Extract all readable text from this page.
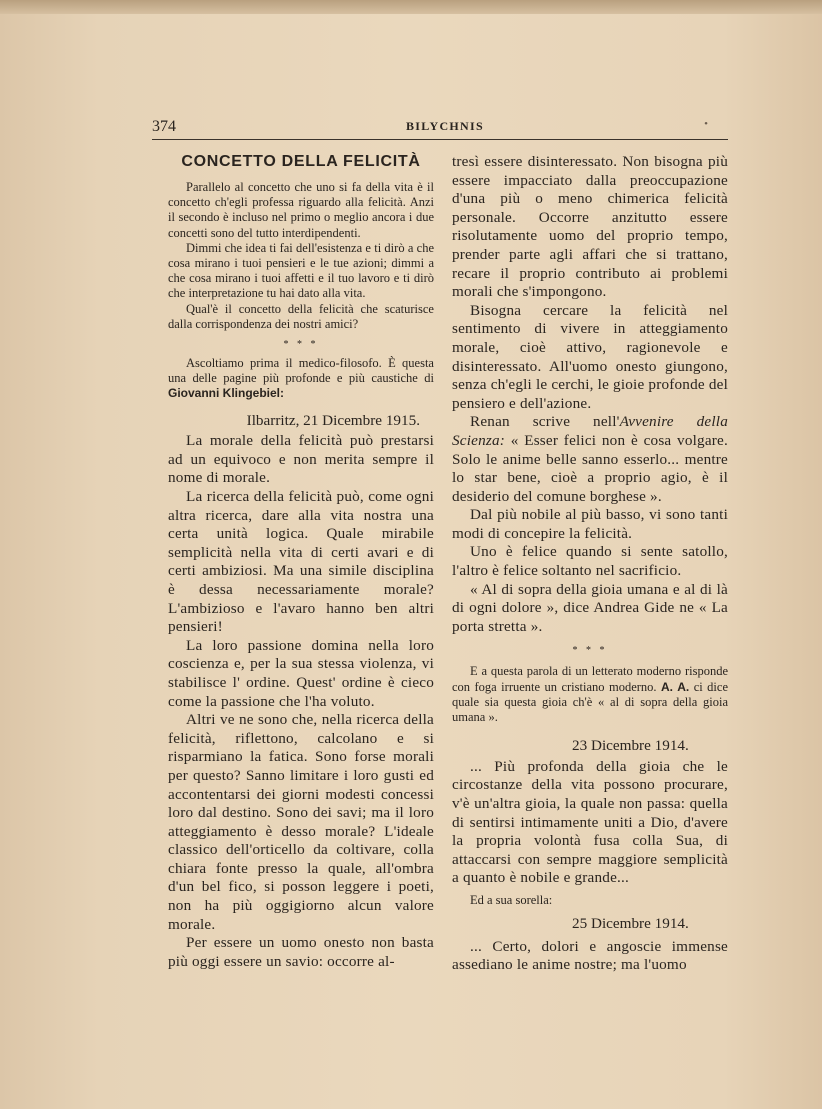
374	BILYCHNIS	•
CONCETTO DELLA FELICITÀ

Parallelo al concetto che uno si fa della vita è il concetto ch'egli professa riguardo alla felicità. Anzi il secondo è incluso nel primo o meglio ancora i due concetti sono del tutto interdipendenti.

Dimmi che idea ti fai dell'esistenza e ti dirò a che cosa mirano i tuoi pensieri e le tue azioni; dimmi a che cosa mirano i tuoi affetti e il tuo lavoro e ti dirò che interpretazione tu hai dato alla vita.

Qual'è il concetto della felicità che scaturisce dalla corrispondenza dei nostri amici?

* * *

Ascoltiamo prima il medico-filosofo. È questa una delle pagine più profonde e più caustiche di Giovanni Klingebiel:

Ilbarritz, 21 Dicembre 1915.

La morale della felicità può prestarsi ad un equivoco e non merita sempre il nome di morale.

La ricerca della felicità può, come ogni altra ricerca, dare alla vita nostra una certa unità logica. Quale mirabile semplicità nella vita di certi avari e di certi ambiziosi. Ma una simile disciplina è dessa necessariamente morale? L'ambizioso e l'avaro hanno ben altri pensieri!

La loro passione domina nella loro coscienza e, per la sua stessa violenza, vi stabilisce l' ordine. Quest' ordine è cieco come la passione che l'ha voluto.

Altri ve ne sono che, nella ricerca della felicità, riflettono, calcolano e si risparmiano la fatica. Sono forse morali per questo? Sanno limitare i loro gusti ed accontentarsi dei giorni modesti concessi loro dal destino. Sono dei savi; ma il loro atteggiamento è desso morale? L'ideale classico dell'orticello da coltivare, colla chiara fonte presso la quale, all'ombra d'un bel fico, si posson leggere i poeti, non ha più oggigiorno alcun valore morale.

Per essere un uomo onesto non basta più oggi essere un savio: occorre al-

tresì essere disinteressato. Non bisogna più essere impacciato dalla preoccupazione d'una più o meno chimerica felicità personale. Occorre anzitutto essere risolutamente uomo del proprio tempo, prender parte agli affari che si trattano, recare il proprio contributo ai problemi morali che s'impongono.

Bisogna cercare la felicità nel sentimento di vivere in atteggiamento morale, cioè attivo, ragionevole e disinteressato. All'uomo onesto giungono, senza ch'egli le cerchi, le gioie profonde del pensiero e dell'azione.

Renan scrive nell'Avvenire della Scienza: « Esser felici non è cosa volgare. Solo le anime belle sanno esserlo... mentre lo star bene, cioè a proprio agio, è il desiderio del comune borghese ».

Dal più nobile al più basso, vi sono tanti modi di concepire la felicità.

Uno è felice quando si sente satollo, l'altro è felice soltanto nel sacrificio.

« Al di sopra della gioia umana e al di là di ogni dolore », dice Andrea Gide ne « La porta stretta ».

* * *

E a questa parola di un letterato moderno risponde con foga irruente un cristiano moderno. A. A. ci dice quale sia questa gioia ch'è « al di sopra della gioia umana ».

23 Dicembre 1914.

... Più profonda della gioia che le circostanze della vita possono procurare, v'è un'altra gioia, la quale non passa: quella di sentirsi intimamente uniti a Dio, d'avere la propria volontà fusa colla Sua, di attaccarsi con sempre maggiore semplicità a quanto è nobile e grande...

Ed a sua sorella:
25 Dicembre 1914.

... Certo, dolori e angoscie immense assediano le anime nostre; ma l'uomo
